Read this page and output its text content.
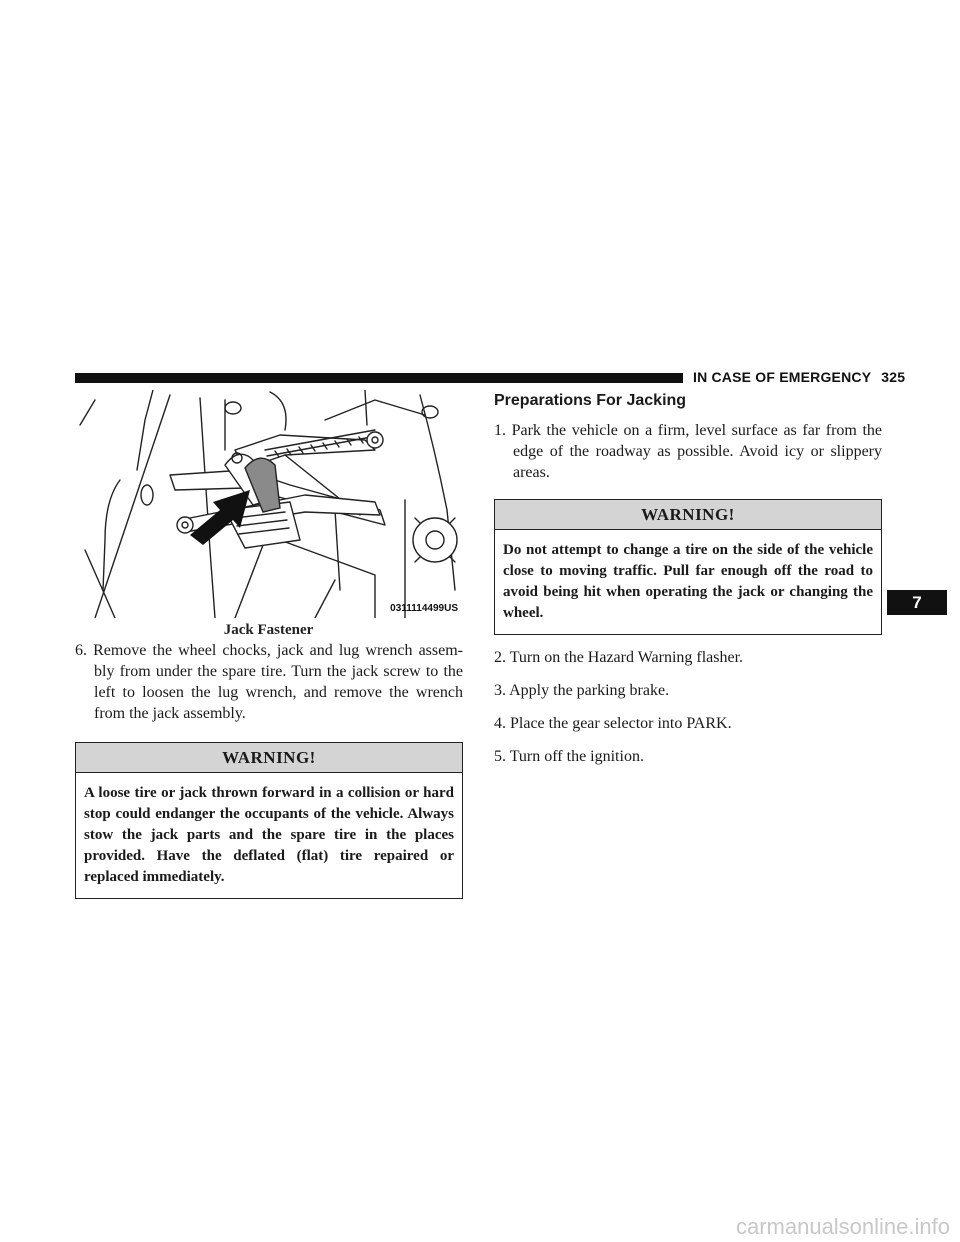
IN CASE OF EMERGENCY 325
0311114499US
Jack Fastener

6. Remove the wheel chocks, jack and lug wrench assem-bly from under the spare tire. Turn the jack screw to the left to loosen the lug wrench, and remove the wrench from the jack assembly.

WARNING!
A loose tire or jack thrown forward in a collision or hard stop could endanger the occupants of the vehicle. Always stow the jack parts and the spare tire in the places provided. Have the deflated (flat) tire repaired or replaced immediately.
Preparations For Jacking

1. Park the vehicle on a firm, level surface as far from the edge of the roadway as possible. Avoid icy or slippery areas.

WARNING!
Do not attempt to change a tire on the side of the vehicle close to moving traffic. Pull far enough off the road to avoid being hit when operating the jack or changing the wheel.

2. Turn on the Hazard Warning flasher.

3. Apply the parking brake.

4. Place the gear selector into PARK.

5. Turn off the ignition.

7
carmanualsonline.info
